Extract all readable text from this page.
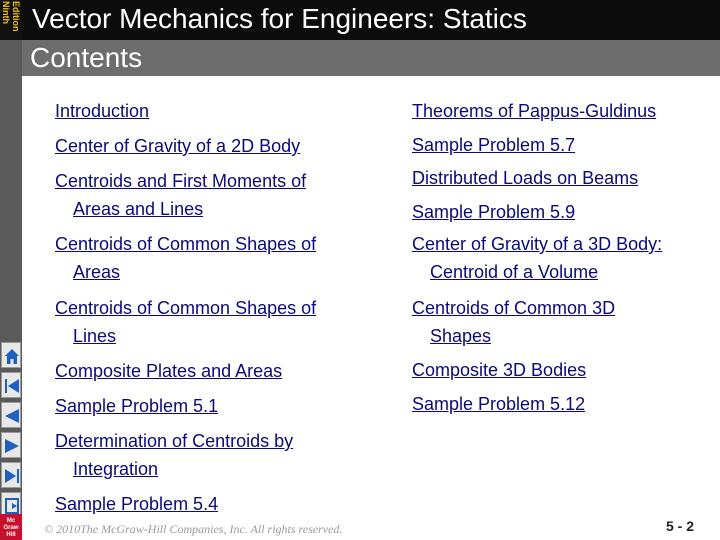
Ninth Edition Vector Mechanics for Engineers: Statics
Contents
Mc
Graw
Hill
Introduction
Center of Gravity of a 2D Body
Centroids and First Moments of
Areas and Lines
Centroids of Common Shapes of
Areas
Centroids of Common Shapes of
Lines
Composite Plates and Areas
Sample Problem 5.1
Determination of Centroids by
Integration
Sample Problem 5.4
Theorems of Pappus-Guldinus
Sample Problem 5.7
Distributed Loads on Beams
Sample Problem 5.9
Center of Gravity of a 3D Body:
Centroid of a Volume
Centroids of Common 3D
Shapes
Composite 3D Bodies
Sample Problem 5.12
© 2010The McGraw-Hill Companies, Inc. All rights reserved.	5 - 2
